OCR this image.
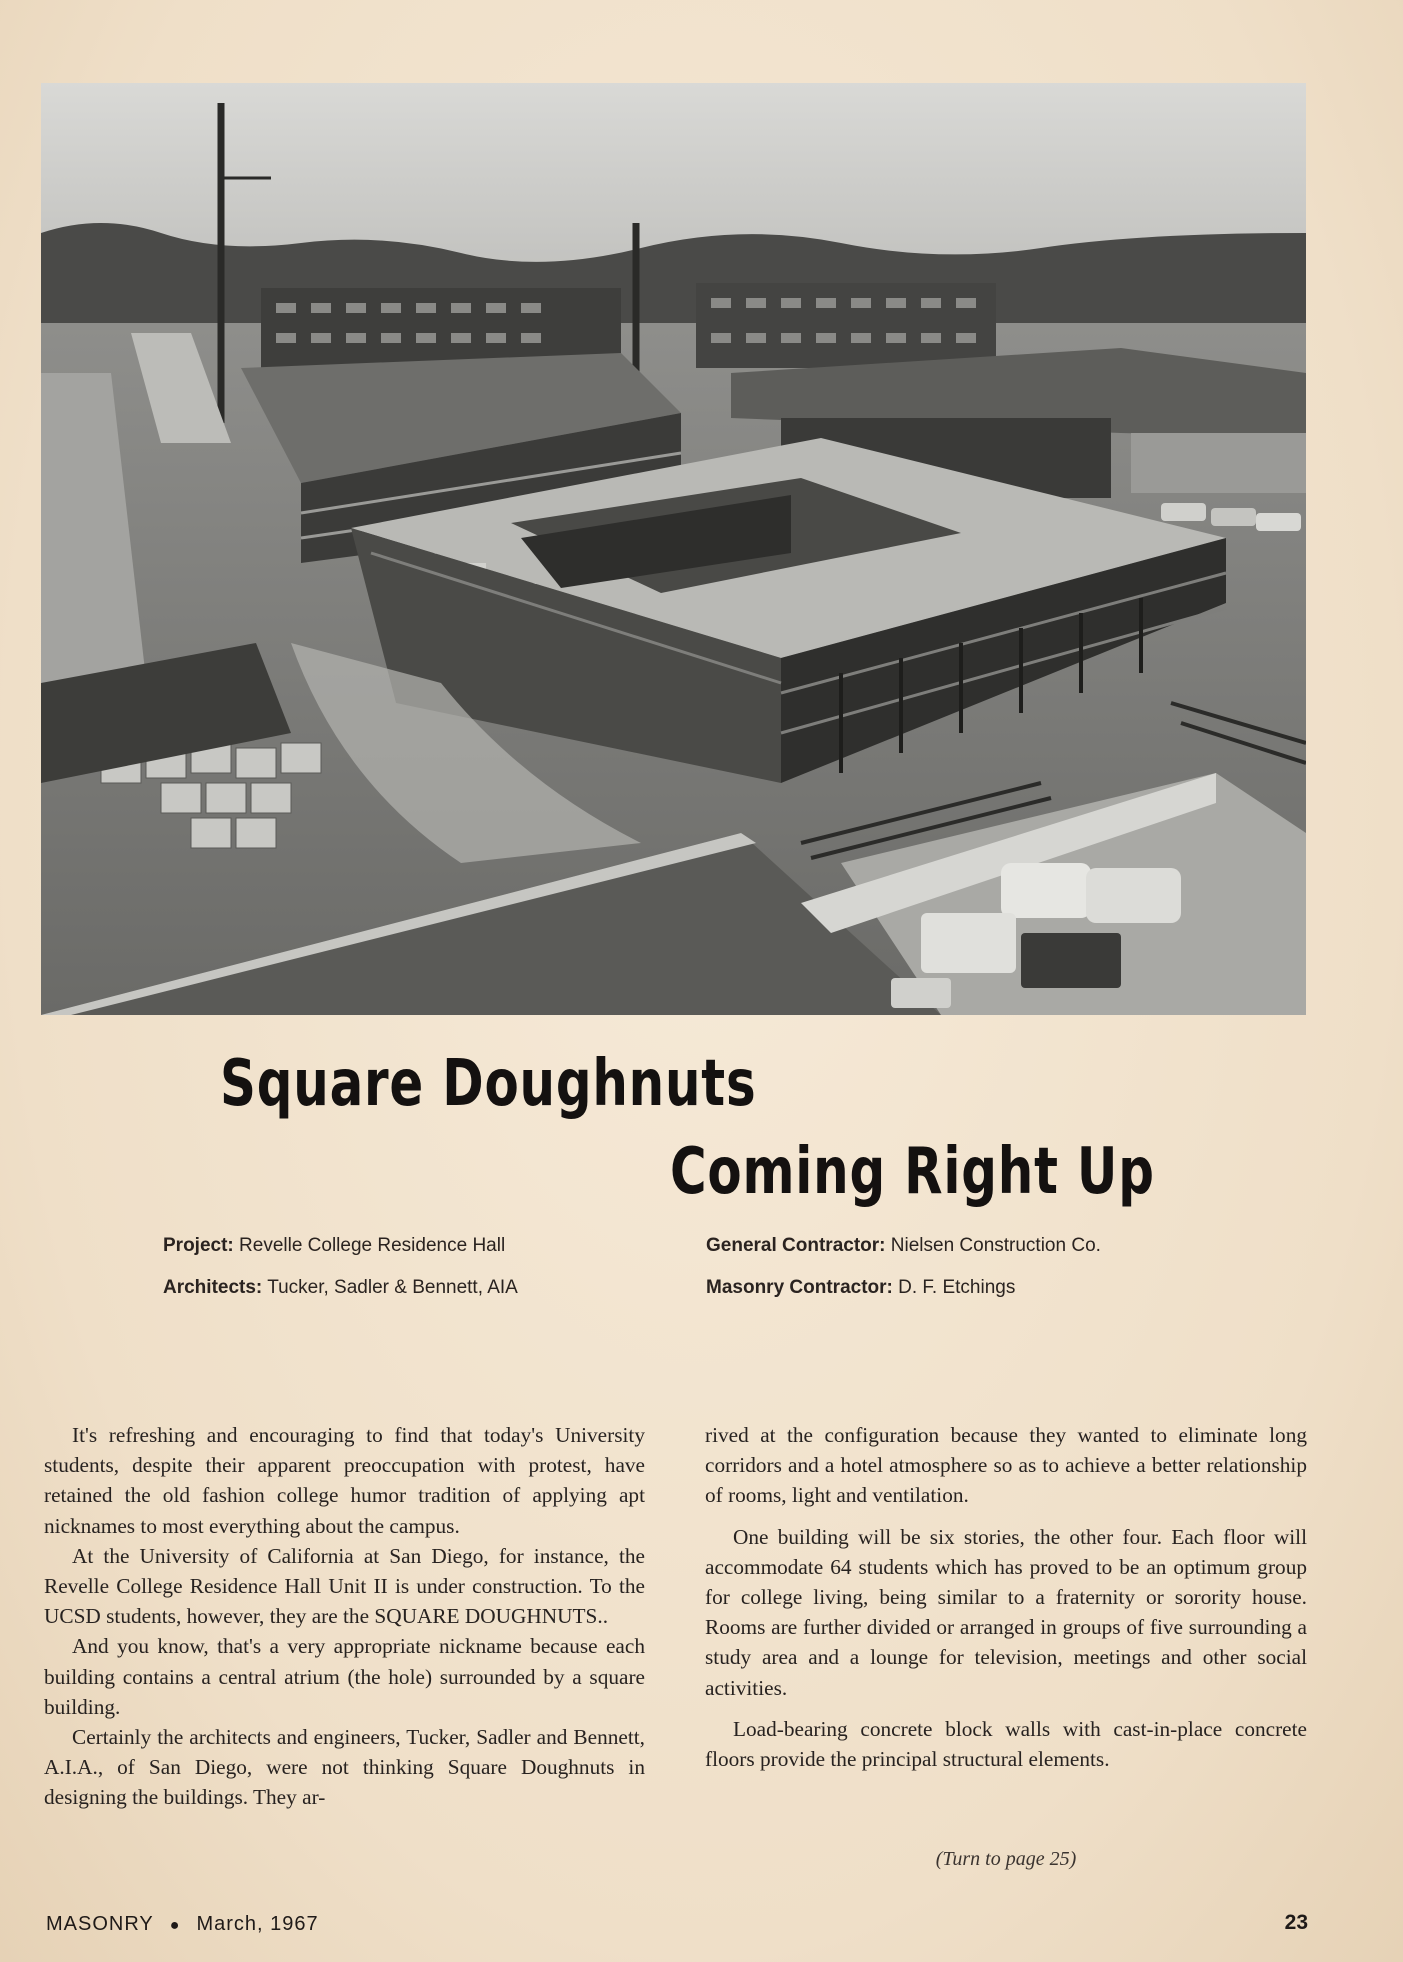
Square Doughnuts
Coming Right Up
Project: Revelle College Residence Hall
Architects: Tucker, Sadler & Bennett, AIA
General Contractor: Nielsen Construction Co.
Masonry Contractor: D. F. Etchings

It's refreshing and encouraging to find that today's University students, despite their apparent preoccupation with protest, have retained the old fashion college humor tradition of applying apt nicknames to most everything about the campus.

At the University of California at San Diego, for instance, the Revelle College Residence Hall Unit II is under construction. To the UCSD students, however, they are the SQUARE DOUGHNUTS..

And you know, that's a very appropriate nickname because each building contains a central atrium (the hole) surrounded by a square building.

Certainly the architects and engineers, Tucker, Sadler and Bennett, A.I.A., of San Diego, were not thinking Square Doughnuts in designing the buildings. They ar-

rived at the configuration because they wanted to eliminate long corridors and a hotel atmosphere so as to achieve a better relationship of rooms, light and ventilation.

One building will be six stories, the other four. Each floor will accommodate 64 students which has proved to be an optimum group for college living, being similar to a fraternity or sorority house. Rooms are further divided or arranged in groups of five surrounding a study area and a lounge for television, meetings and other social activities.

Load-bearing concrete block walls with cast-in-place concrete floors provide the principal structural elements.

(Turn to page 25)
MASONRY ● March, 1967	23
